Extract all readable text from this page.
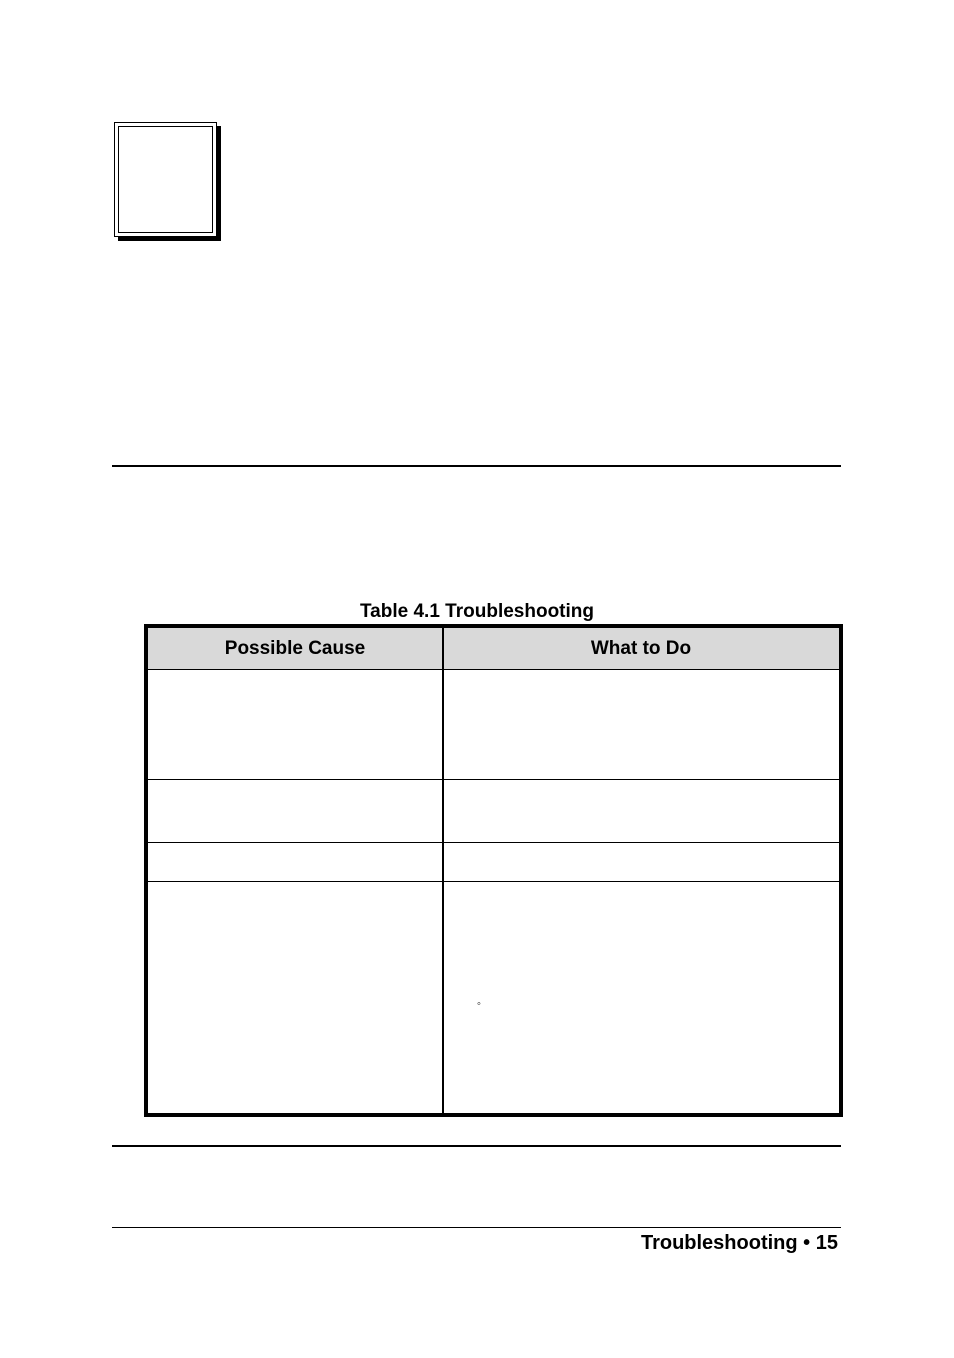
Table 4.1 Troubleshooting
Possible Cause	What to Do
◦
Troubleshooting • 15
